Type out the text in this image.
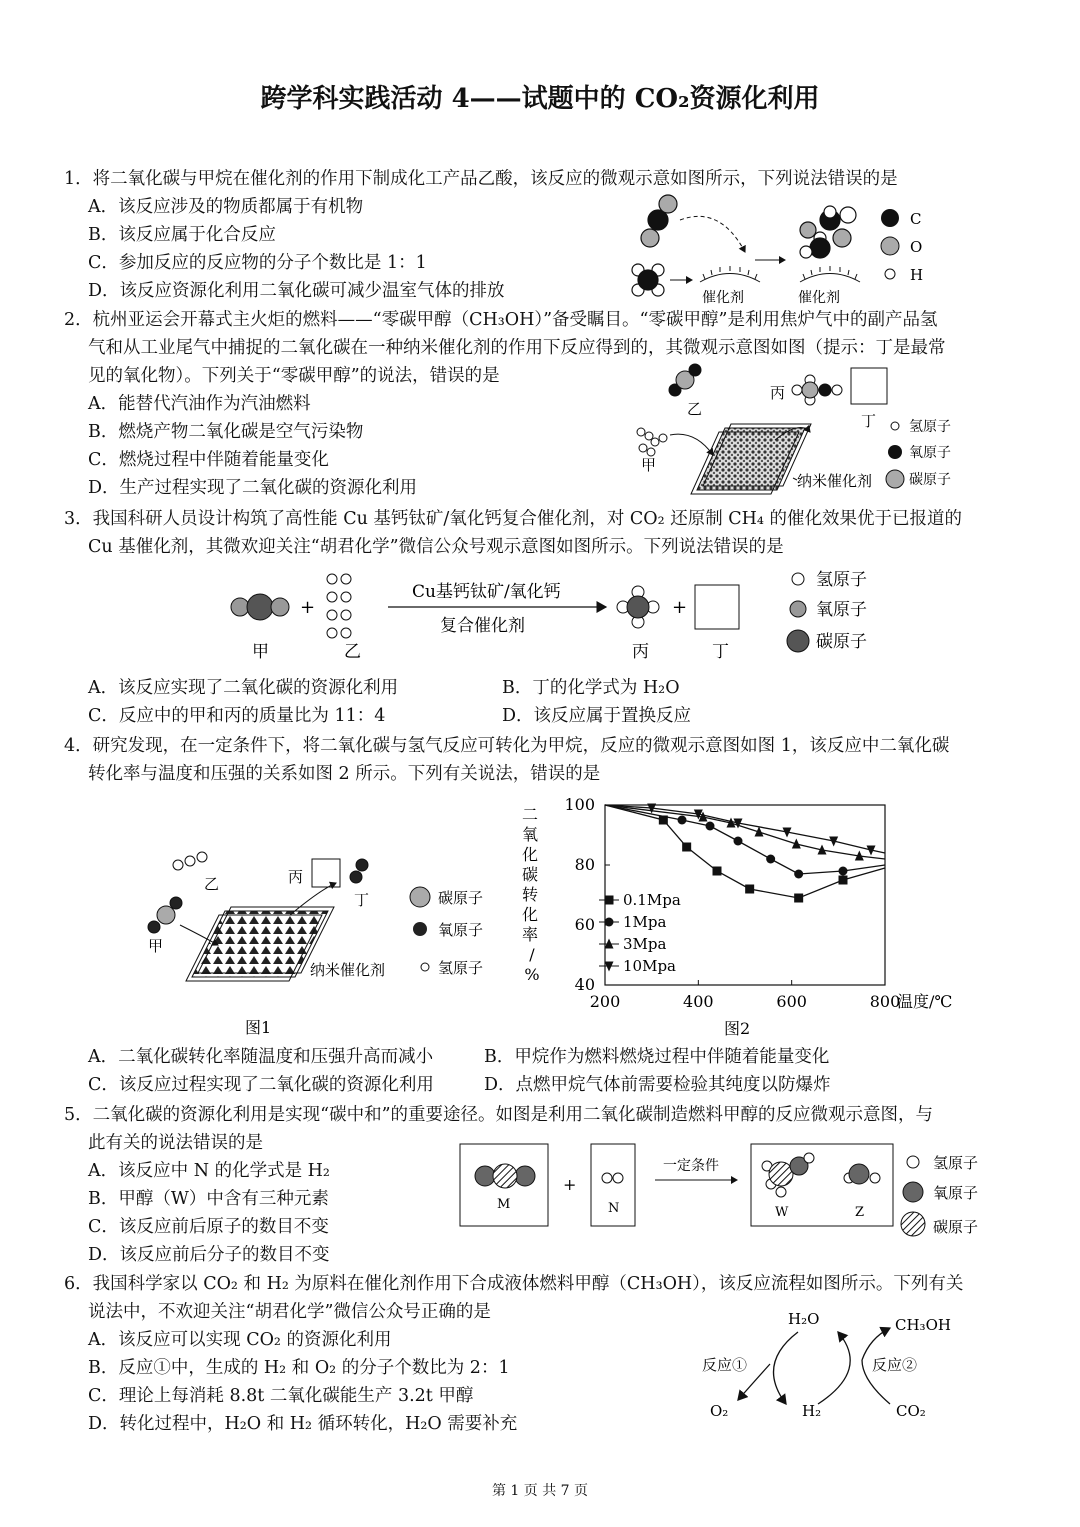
跨学科实践活动 4——试题中的 CO₂资源化利用
1．将二氧化碳与甲烷在催化剂的作用下制成化工产品乙酸，该反应的微观示意如图所示，下列说法错误的是
A．该反应涉及的物质都属于有机物
B．该反应属于化合反应
C．参加反应的反应物的分子个数比是 1：1
D．该反应资源化利用二氧化碳可减少温室气体的排放	催化剂	催化剂
C
O
H
2．杭州亚运会开幕式主火炬的燃料——“零碳甲醇（CH₃OH）”备受瞩目。“零碳甲醇”是利用焦炉气中的副产品氢
气和从工业尾气中捕捉的二氧化碳在一种纳米催化剂的作用下反应得到的，其微观示意图如图（提示：丁是最常
见的氧化物）。下列关于“零碳甲醇”的说法，错误的是
A．能替代汽油作为汽油燃料
B．燃烧产物二氧化碳是空气污染物
C．燃烧过程中伴随着能量变化
D．生产过程实现了二氧化碳的资源化利用
乙
丙
丁
甲
纳米催化剂
氢原子
氧原子
碳原子
3．我国科研人员设计构筑了高性能 Cu 基钙钛矿/氧化钙复合催化剂，对 CO₂ 还原制 CH₄ 的催化效果优于已报道的
Cu 基催化剂，其微欢迎关注“胡君化学”微信公众号观示意图如图所示。下列说法错误的是
甲
+
乙
Cu基钙钛矿/氧化钙
复合催化剂
丙
+
丁
氢原子
氧原子
碳原子
A．该反应实现了二氧化碳的资源化利用	B．丁的化学式为 H₂O
C．反应中的甲和丙的质量比为 11：4	D．该反应属于置换反应
4．研究发现，在一定条件下，将二氧化碳与氢气反应可转化为甲烷，反应的微观示意图如图 1，该反应中二氧化碳
转化率与温度和压强的关系如图 2 所示。下列有关说法，错误的是
乙	丙
丁
甲
纳米催化剂
碳原子
氧原子
氢原子
图1
200	400	600	800
40
60
80
100
温度/℃
二氧化碳转化率/ %
0.1Mpa
1Mpa
3Mpa
10Mpa
图2
A．二氧化碳转化率随温度和压强升高而减小	B．甲烷作为燃料燃烧过程中伴随着能量变化
C．该反应过程实现了二氧化碳的资源化利用	D．点燃甲烷气体前需要检验其纯度以防爆炸
5．二氧化碳的资源化利用是实现“碳中和”的重要途径。如图是利用二氧化碳制造燃料甲醇的反应微观示意图，与
此有关的说法错误的是
A．该反应中 N 的化学式是 H₂
B．甲醇（W）中含有三种元素
C．该反应前后原子的数目不变
D．该反应前后分子的数目不变
M
+
N
一定条件
W	Z
氢原子
氧原子
碳原子
6．我国科学家以 CO₂ 和 H₂ 为原料在催化剂作用下合成液体燃料甲醇（CH₃OH），该反应流程如图所示。下列有关
说法中，不欢迎关注“胡君化学”微信公众号正确的是
A．该反应可以实现 CO₂ 的资源化利用
B．反应①中，生成的 H₂ 和 O₂ 的分子个数比为 2：1
C．理论上每消耗 8.8t 二氧化碳能生产 3.2t 甲醇
D．转化过程中，H₂O 和 H₂ 循环转化，H₂O 需要补充
H₂O	CH₃OH
反应①	反应②
O₂	H₂	CO₂
第 1 页 共 7 页
